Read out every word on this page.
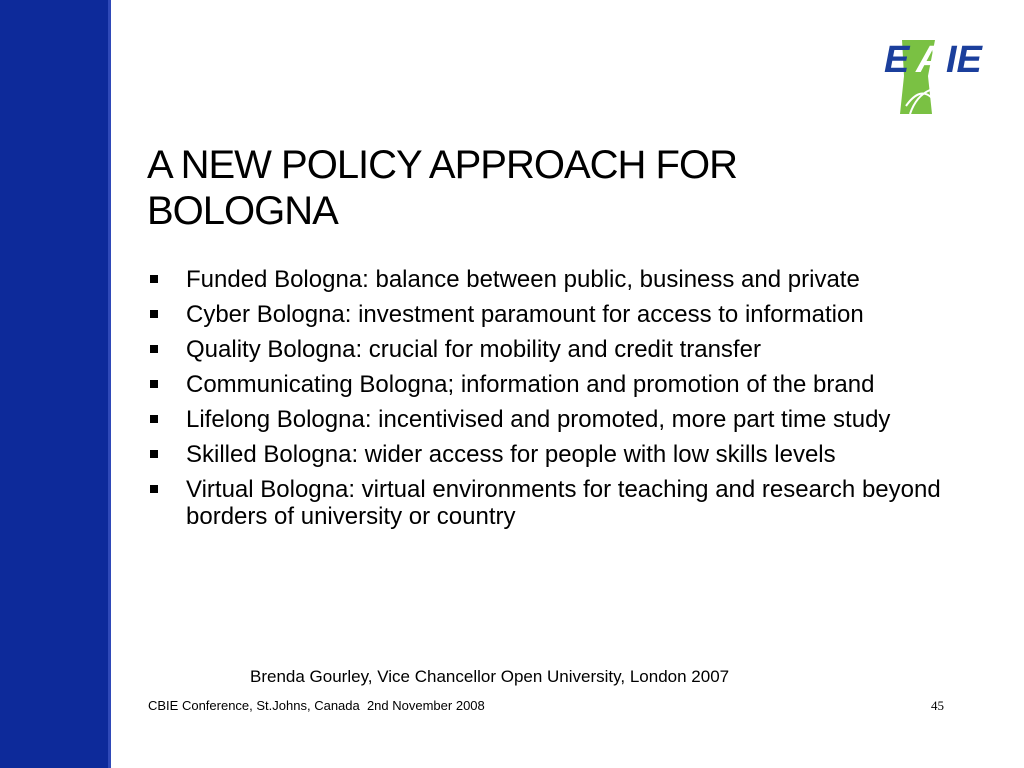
E A IE
A NEW POLICY APPROACH FOR BOLOGNA
Funded Bologna: balance between public, business and private
Cyber Bologna: investment paramount for access to information
Quality Bologna: crucial for mobility and credit transfer
Communicating Bologna; information and promotion of the brand
Lifelong Bologna: incentivised and promoted, more part time study
Skilled Bologna: wider access for people with low skills levels
Virtual Bologna: virtual environments for teaching and research beyond borders of university or country
Brenda Gourley, Vice Chancellor Open University, London 2007
CBIE Conference, St.Johns, Canada  2nd November 2008	45
